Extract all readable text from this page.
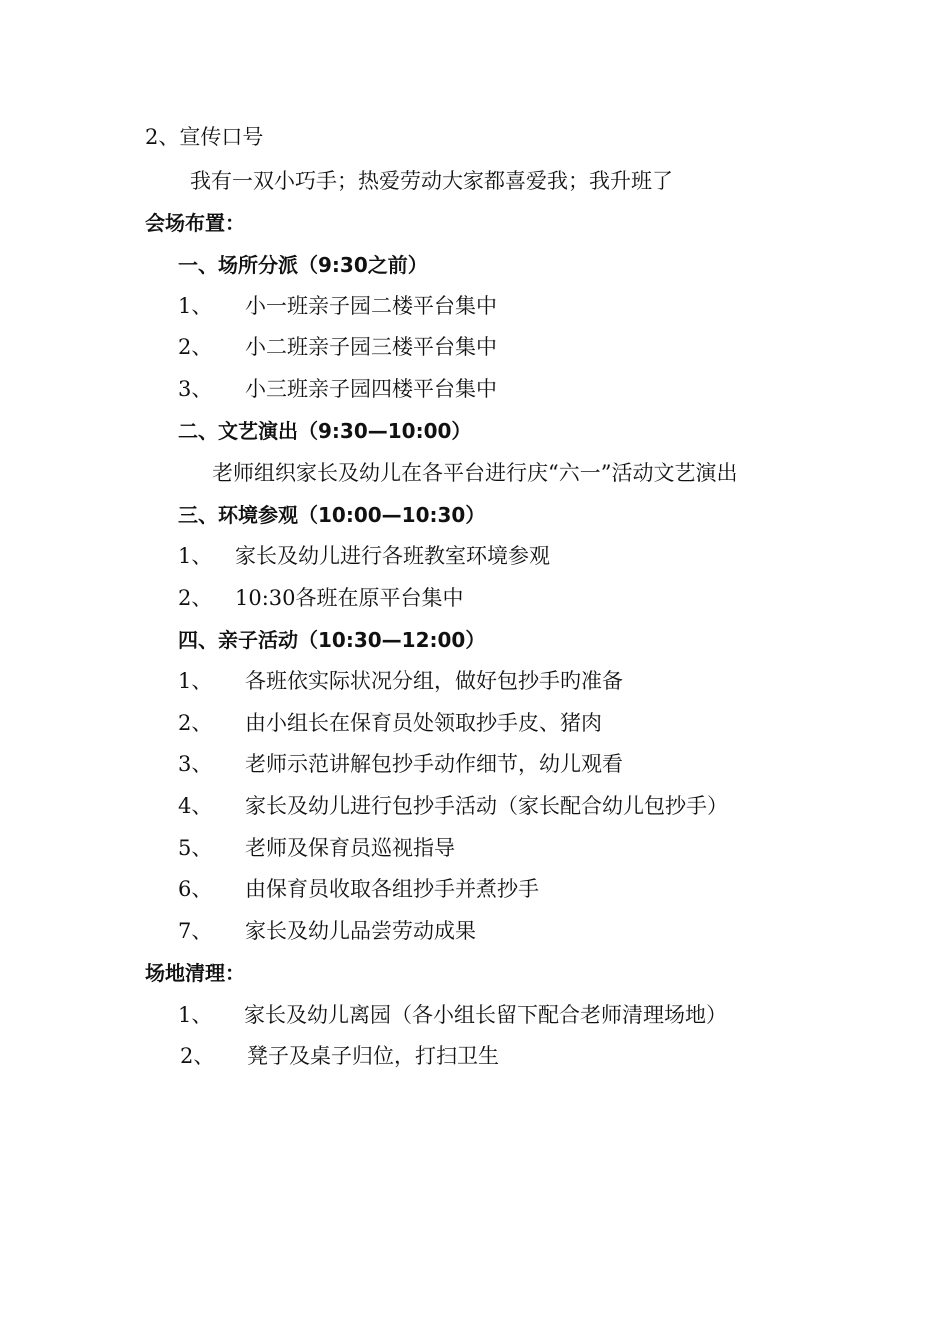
2、宣传口号
我有一双小巧手；热爱劳动大家都喜爱我；我升班了
会场布置：
一、场所分派（9:30之前）
1、 小一班亲子园二楼平台集中
2、 小二班亲子园三楼平台集中
3、 小三班亲子园四楼平台集中
二、文艺演出（9:30—10:00）
老师组织家长及幼儿在各平台进行庆“六一”活动文艺演出
三、环境参观（10:00—10:30）
1、 家长及幼儿进行各班教室环境参观
2、 10:30各班在原平台集中
四、亲子活动（10:30—12:00）
1、 各班依实际状况分组，做好包抄手旳准备
2、 由小组长在保育员处领取抄手皮、猪肉
3、 老师示范讲解包抄手动作细节，幼儿观看
4、 家长及幼儿进行包抄手活动（家长配合幼儿包抄手）
5、 老师及保育员巡视指导
6、 由保育员收取各组抄手并煮抄手
7、 家长及幼儿品尝劳动成果
场地清理：
1、 家长及幼儿离园（各小组长留下配合老师清理场地）
2、 凳子及桌子归位，打扫卫生
